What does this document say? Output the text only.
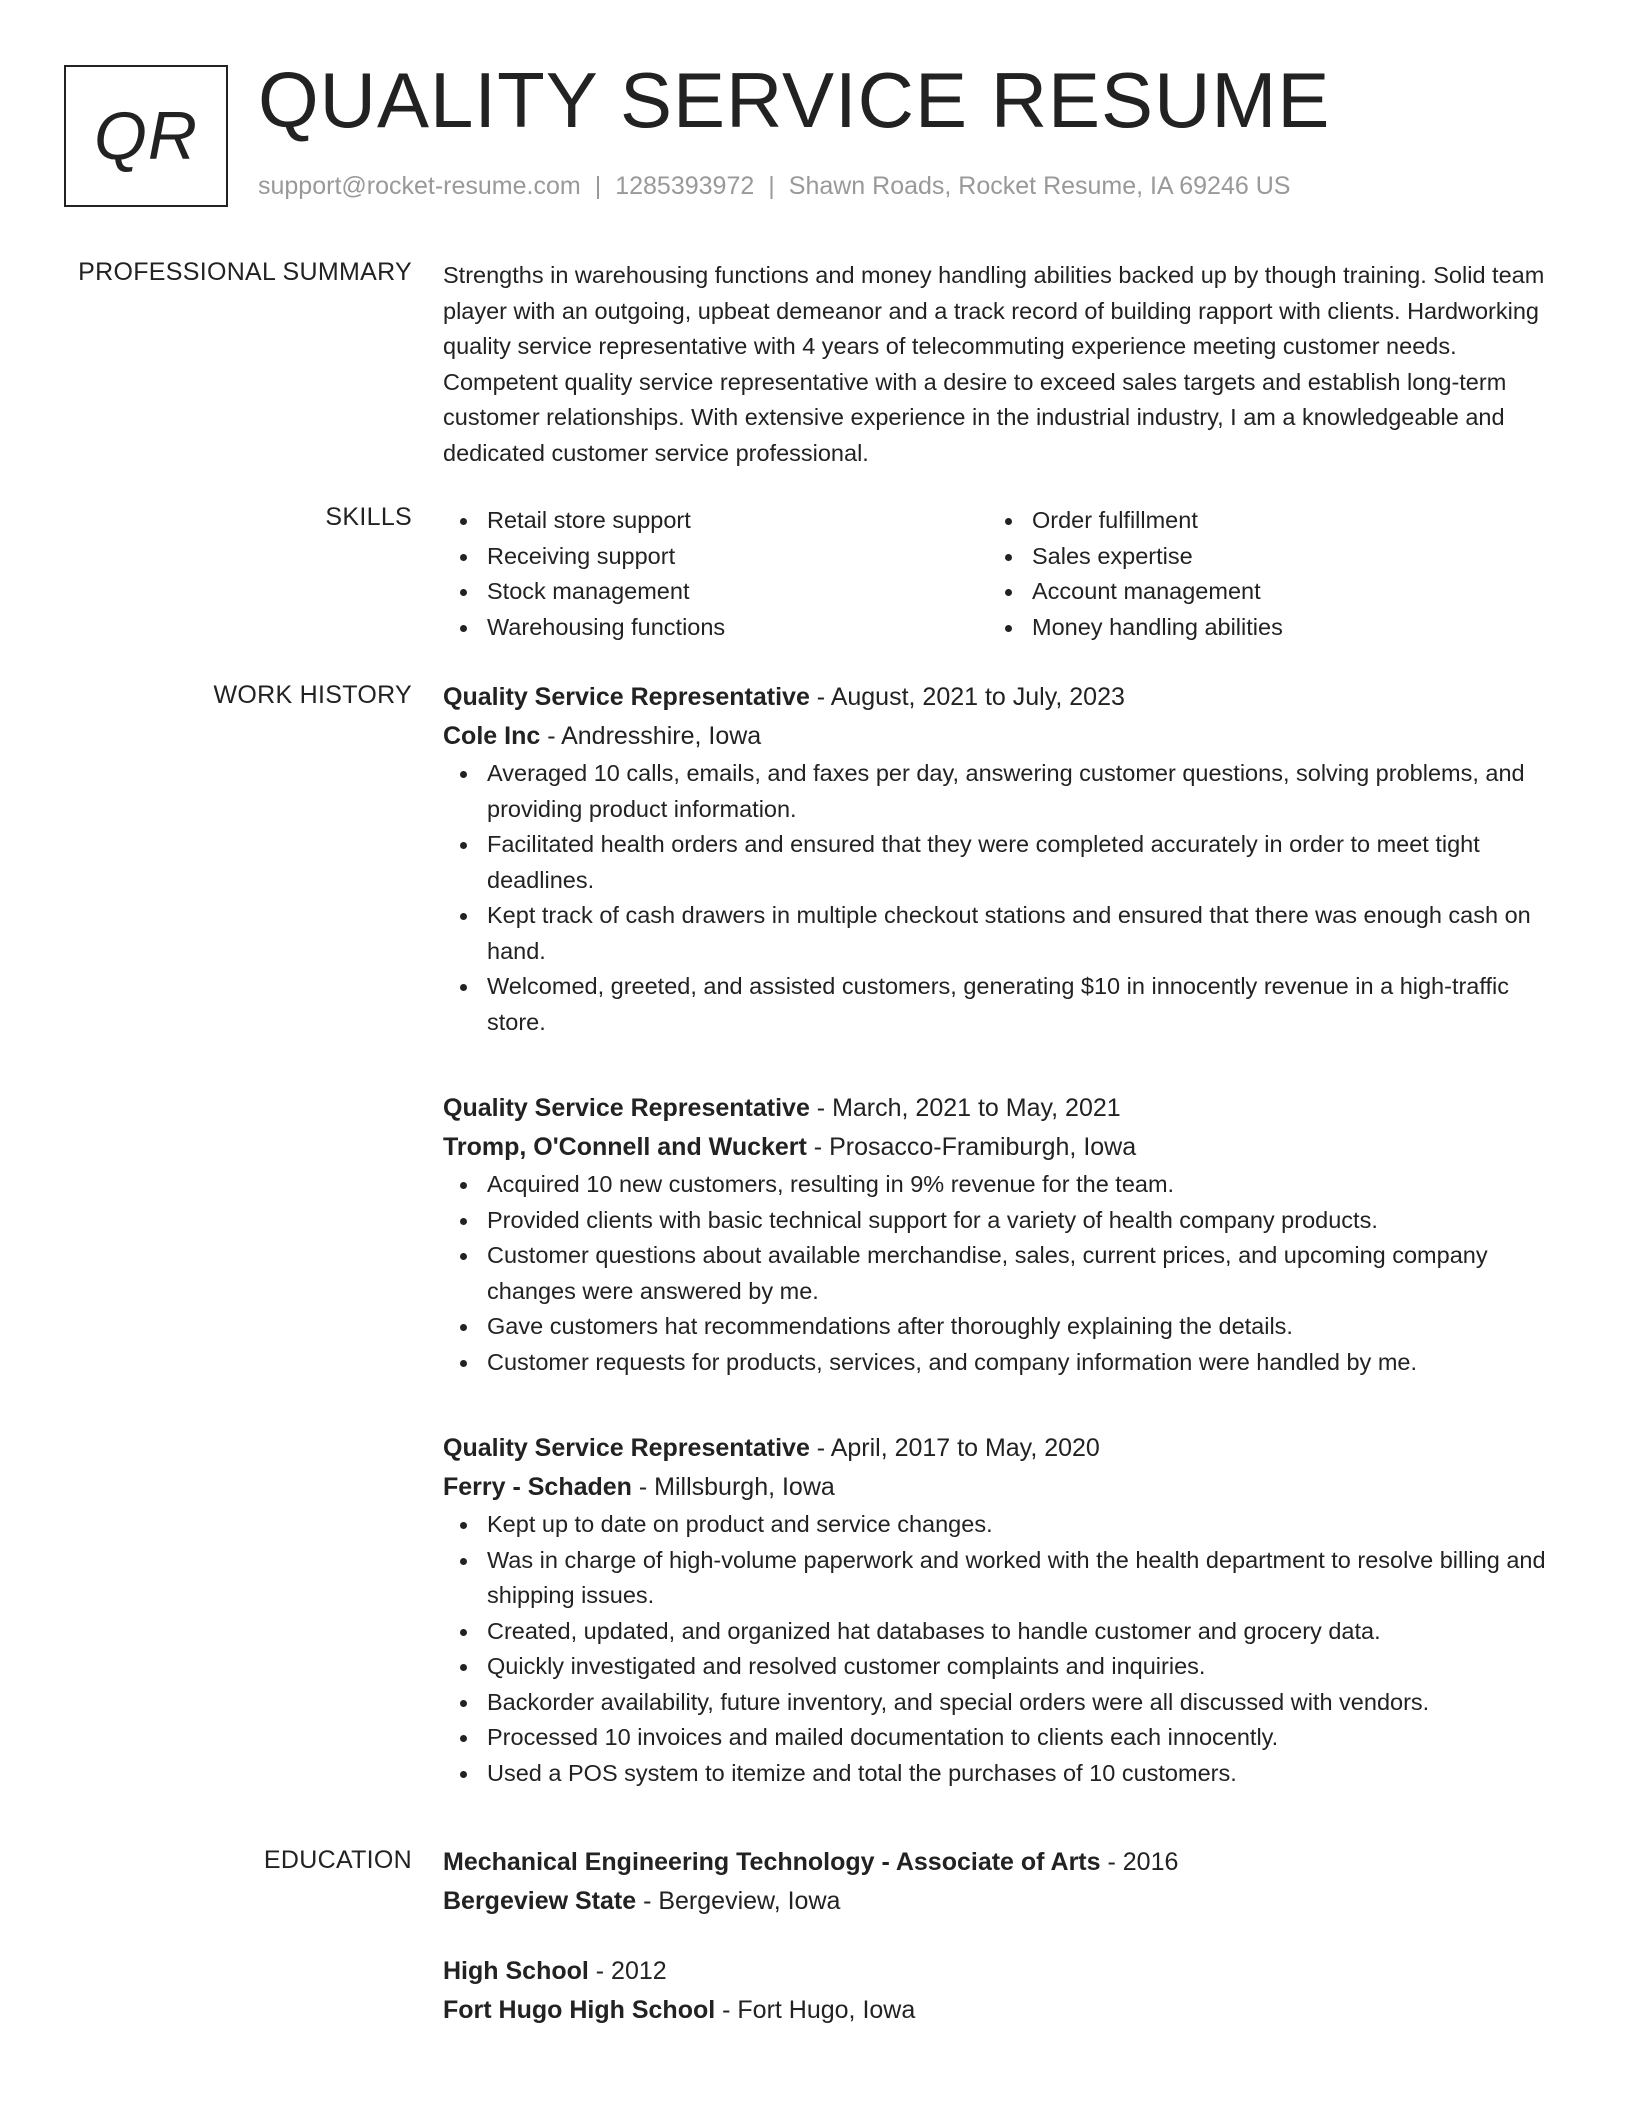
QR QUALITY SERVICE RESUME
support@rocket-resume.com | 1285393972 | Shawn Roads, Rocket Resume, IA 69246 US
PROFESSIONAL SUMMARY Strengths in warehousing functions and money handling abilities backed up by though training. Solid team player with an outgoing, upbeat demeanor and a track record of building rapport with clients. Hardworking quality service representative with 4 years of telecommuting experience meeting customer needs. Competent quality service representative with a desire to exceed sales targets and establish long-term customer relationships. With extensive experience in the industrial industry, I am a knowledgeable and dedicated customer service professional.

SKILLS	Retail store support
Receiving support
Stock management
Warehousing functions
Order fulfillment
Sales expertise
Account management
Money handling abilities
WORK HISTORY Quality Service Representative - August, 2021 to July, 2023
Cole Inc - Andresshire, Iowa
Averaged 10 calls, emails, and faxes per day, answering customer questions, solving problems, and providing product information.
Facilitated health orders and ensured that they were completed accurately in order to meet tight deadlines.
Kept track of cash drawers in multiple checkout stations and ensured that there was enough cash on hand.
Welcomed, greeted, and assisted customers, generating $10 in innocently revenue in a high-traffic store.
Quality Service Representative - March, 2021 to May, 2021
Tromp, O'Connell and Wuckert - Prosacco-Framiburgh, Iowa
Acquired 10 new customers, resulting in 9% revenue for the team.
Provided clients with basic technical support for a variety of health company products.
Customer questions about available merchandise, sales, current prices, and upcoming company changes were answered by me.
Gave customers hat recommendations after thoroughly explaining the details.
Customer requests for products, services, and company information were handled by me.
Quality Service Representative - April, 2017 to May, 2020
Ferry - Schaden - Millsburgh, Iowa
Kept up to date on product and service changes.
Was in charge of high-volume paperwork and worked with the health department to resolve billing and shipping issues.
Created, updated, and organized hat databases to handle customer and grocery data.
Quickly investigated and resolved customer complaints and inquiries.
Backorder availability, future inventory, and special orders were all discussed with vendors.
Processed 10 invoices and mailed documentation to clients each innocently.
Used a POS system to itemize and total the purchases of 10 customers.
EDUCATION Mechanical Engineering Technology - Associate of Arts - 2016
Bergeview State - Bergeview, Iowa
High School - 2012
Fort Hugo High School - Fort Hugo, Iowa
